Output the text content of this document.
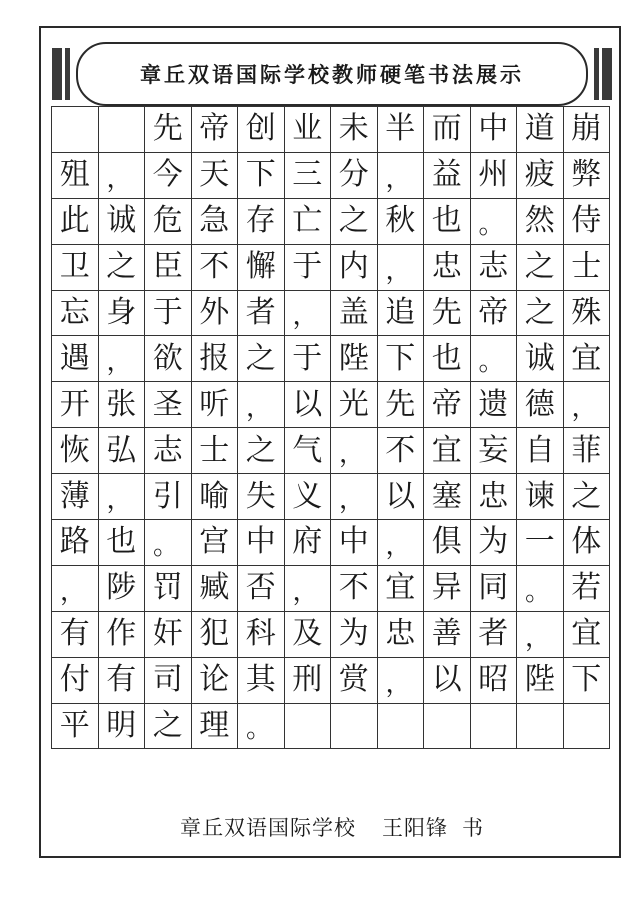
章丘双语国际学校教师硬笔书法展示
先 帝 创 业 未 半 而 中 道 崩
殂 ， 今 天 下 三 分 ， 益 州 疲 弊
此 诚 危 急 存 亡 之 秋 也 。 然 侍
卫 之 臣 不 懈 于 内 ， 忠 志 之 士
忘 身 于 外 者 ， 盖 追 先 帝 之 殊
遇 ， 欲 报 之 于 陛 下 也 。 诚 宜
开 张 圣 听 ， 以 光 先 帝 遗 德 ，
恢 弘 志 士 之 气 ， 不 宜 妄 自 菲
薄 ， 引 喻 失 义 ， 以 塞 忠 谏 之
路 也 。 宫 中 府 中 ， 俱 为 一 体
， 陟 罚 臧 否 ， 不 宜 异 同 。 若
有 作 奸 犯 科 及 为 忠 善 者 ， 宜
付 有 司 论 其 刑 赏 ， 以 昭 陛 下
平 明 之 理 。
章丘双语国际学校 王阳锋 书
